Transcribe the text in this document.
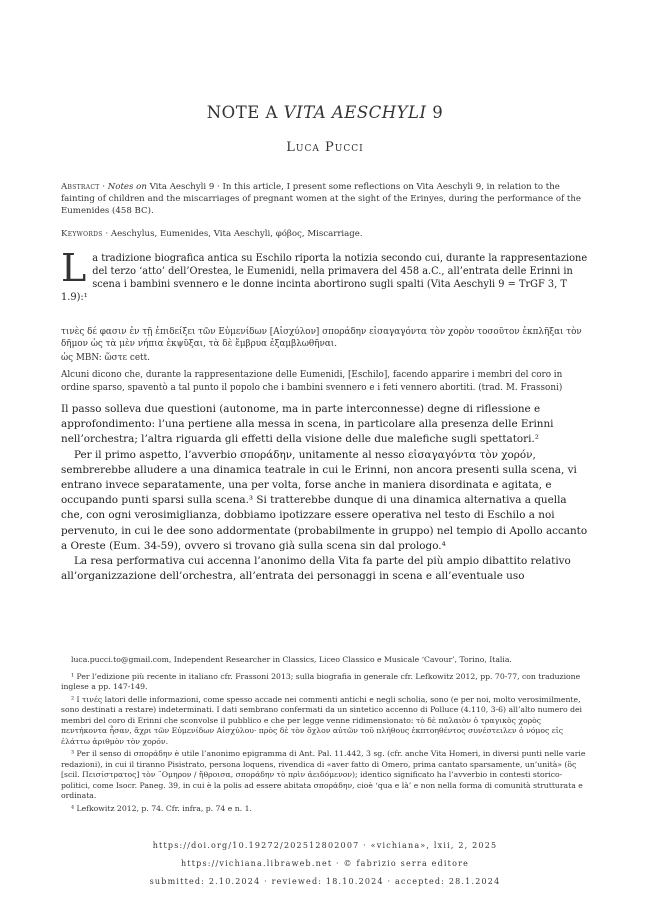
NOTE A VITA AESCHYLI 9
Luca Pucci
Abstract · Notes on Vita Aeschyli 9 · In this article, I present some reflections on Vita Aeschyli 9, in relation to the fainting of children and the miscarriages of pregnant women at the sight of the Erinyes, during the performance of the Eumenides (458 BC).
Keywords · Aeschylus, Eumenides, Vita Aeschyli, φόβος, Miscarriage.
La tradizione biografica antica su Eschilo riporta la notizia secondo cui, durante la rappresentazione del terzo ‘atto’ dell’Orestea, le Eumenidi, nella primavera del 458 a.C., all’entrata delle Erinni in scena i bambini svennero e le donne incinta abortirono sugli spalti (Vita Aeschyli 9 = TrGF 3, T 1.9):¹
τινὲς δέ φασιν ἐν τῇ ἐπιδείξει τῶν Εὐμενίδων [Αἰσχύλον] σποράδην εἰσαγαγόντα τὸν χορὸν τοσοῦτον ἐκπλῆξαι τὸν δῆμον ὡς τὰ μὲν νήπια ἐκψῦξαι, τὰ δὲ ἔμβρυα ἐξαμβλωθῆναι.
ὡς MBN: ὥστε cett.
Alcuni dicono che, durante la rappresentazione delle Eumenidi, [Eschilo], facendo apparire i membri del coro in ordine sparso, spaventò a tal punto il popolo che i bambini svennero e i feti vennero abortiti. (trad. M. Frassoni)

Il passo solleva due questioni (autonome, ma in parte interconnesse) degne di riflessione e approfondimento: l’una pertiene alla messa in scena, in particolare alla presenza delle Erinni nell’orchestra; l’altra riguarda gli effetti della visione delle due malefiche sugli spettatori.²

Per il primo aspetto, l’avverbio σποράδην, unitamente al nesso εἰσαγαγόντα τὸν χορόν, sembrerebbe alludere a una dinamica teatrale in cui le Erinni, non ancora presenti sulla scena, vi entrano invece separatamente, una per volta, forse anche in maniera disordinata e agitata, e occupando punti sparsi sulla scena.³ Si tratterebbe dunque di una dinamica alternativa a quella che, con ogni verosimiglianza, dobbiamo ipotizzare essere operativa nel testo di Eschilo a noi pervenuto, in cui le dee sono addormentate (probabilmente in gruppo) nel tempio di Apollo accanto a Oreste (Eum. 34-59), ovvero si trovano già sulla scena sin dal prologo.⁴

La resa performativa cui accenna l’anonimo della Vita fa parte del più ampio dibattito relativo all’organizzazione dell’orchestra, all’entrata dei personaggi in scena e all’eventuale uso

luca.pucci.to@gmail.com, Independent Researcher in Classics, Liceo Classico e Musicale ‘Cavour’, Torino, Italia.

¹ Per l’edizione più recente in italiano cfr. Frassoni 2013; sulla biografia in generale cfr. Lefkowitz 2012, pp. 70-77, con traduzione inglese a pp. 147-149.

² I τινές latori delle informazioni, come spesso accade nei commenti antichi e negli scholia, sono (e per noi, molto verosimilmente, sono destinati a restare) indeterminati. I dati sembrano confermati da un sintetico accenno di Polluce (4.110, 3-6) all’alto numero dei membri del coro di Erinni che sconvolse il pubblico e che per legge venne ridimensionato: τὸ δὲ παλαιὸν ὁ τραγικὸς χορὸς πεντήκοντα ἦσαν, ἄχρι τῶν Εὐμενίδων Αἰσχύλου· πρὸς δὲ τὸν ὄχλον αὐτῶν τοῦ πλήθους ἐκπτοηθέντος συνέστειλεν ὁ νόμος εἰς ἐλάττω ἀριθμὸν τὸν χορόν.

³ Per il senso di σποράδην è utile l’anonimo epigramma di Ant. Pal. 11.442, 3 sg. (cfr. anche Vita Homeri, in diversi punti nelle varie redazioni), in cui il tiranno Pisistrato, persona loquens, rivendica di «aver fatto di Omero, prima cantato sparsamente, un’unità» (ὃς [scil. Πεισίστρατος] τὸν ¨Ομηρον / ἤθροισα, σποράδην τὸ πρὶν ἀειδόμενον); identico significato ha l’avverbio in contesti storico-politici, come Isocr. Paneg. 39, in cui è la polis ad essere abitata σποράδην, cioè ‘qua e là’ e non nella forma di comunità strutturata e ordinata.

⁴ Lefkowitz 2012, p. 74. Cfr. infra, p. 74 e n. 1.

https://doi.org/10.19272/202512802007 · «vichiana», lxii, 2, 2025
https://vichiana.libraweb.net · © fabrizio serra editore
submitted: 2.10.2024 · reviewed: 18.10.2024 · accepted: 28.1.2024
